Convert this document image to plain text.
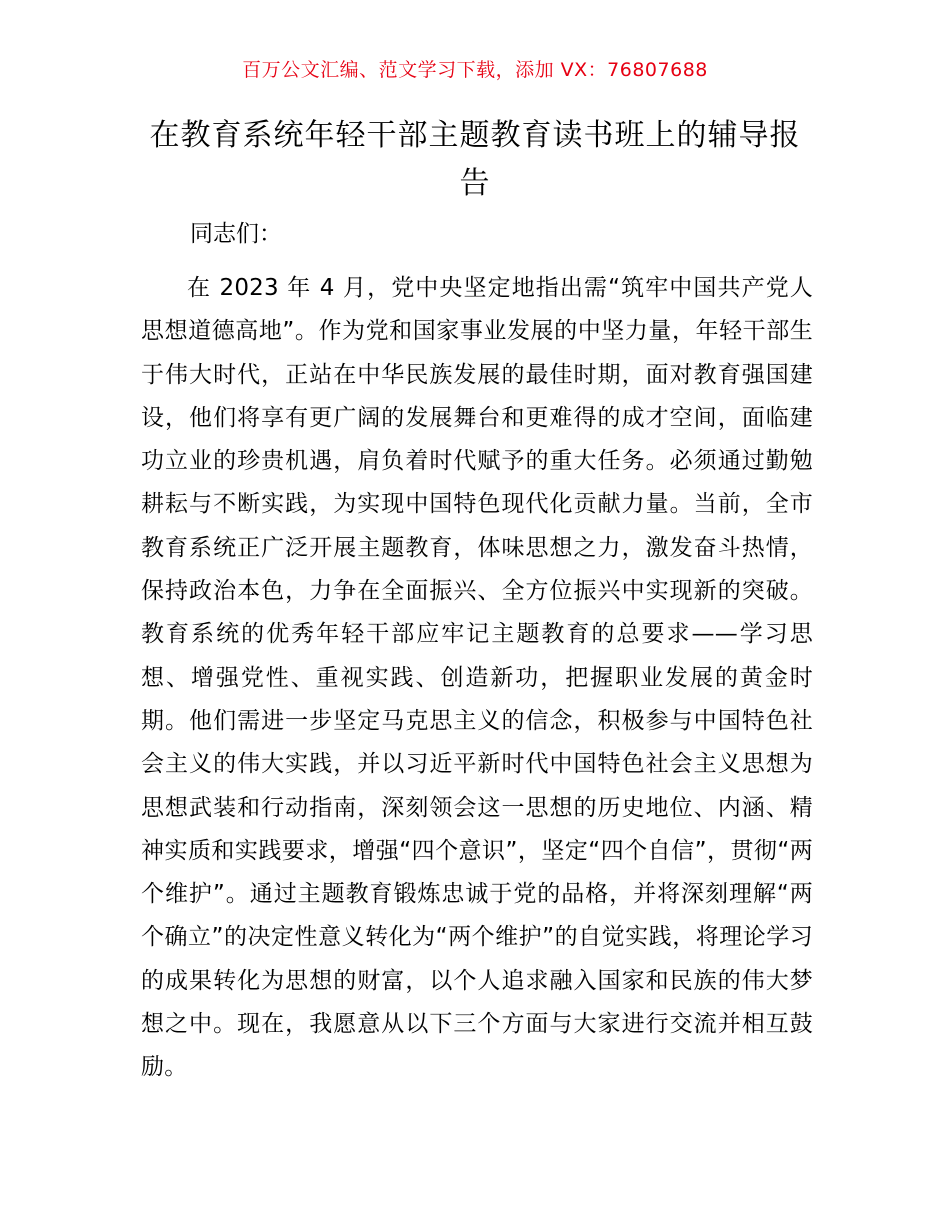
百万公文汇编、范文学习下载，添加 VX：76807688
在教育系统年轻干部主题教育读书班上的辅导报告

同志们：

在 2023 年 4 月，党中央坚定地指出需“筑牢中国共产党人思想道德高地”。作为党和国家事业发展的中坚力量，年轻干部生于伟大时代，正站在中华民族发展的最佳时期，面对教育强国建设，他们将享有更广阔的发展舞台和更难得的成才空间，面临建功立业的珍贵机遇，肩负着时代赋予的重大任务。必须通过勤勉耕耘与不断实践，为实现中国特色现代化贡献力量。当前，全市教育系统正广泛开展主题教育，体味思想之力，激发奋斗热情，保持政治本色，力争在全面振兴、全方位振兴中实现新的突破。教育系统的优秀年轻干部应牢记主题教育的总要求——学习思想、增强党性、重视实践、创造新功，把握职业发展的黄金时期。他们需进一步坚定马克思主义的信念，积极参与中国特色社会主义的伟大实践，并以习近平新时代中国特色社会主义思想为思想武装和行动指南，深刻领会这一思想的历史地位、内涵、精神实质和实践要求，增强“四个意识”，坚定“四个自信”，贯彻“两个维护”。通过主题教育锻炼忠诚于党的品格，并将深刻理解“两个确立”的决定性意义转化为“两个维护”的自觉实践，将理论学习的成果转化为思想的财富，以个人追求融入国家和民族的伟大梦想之中。现在，我愿意从以下三个方面与大家进行交流并相互鼓励。
